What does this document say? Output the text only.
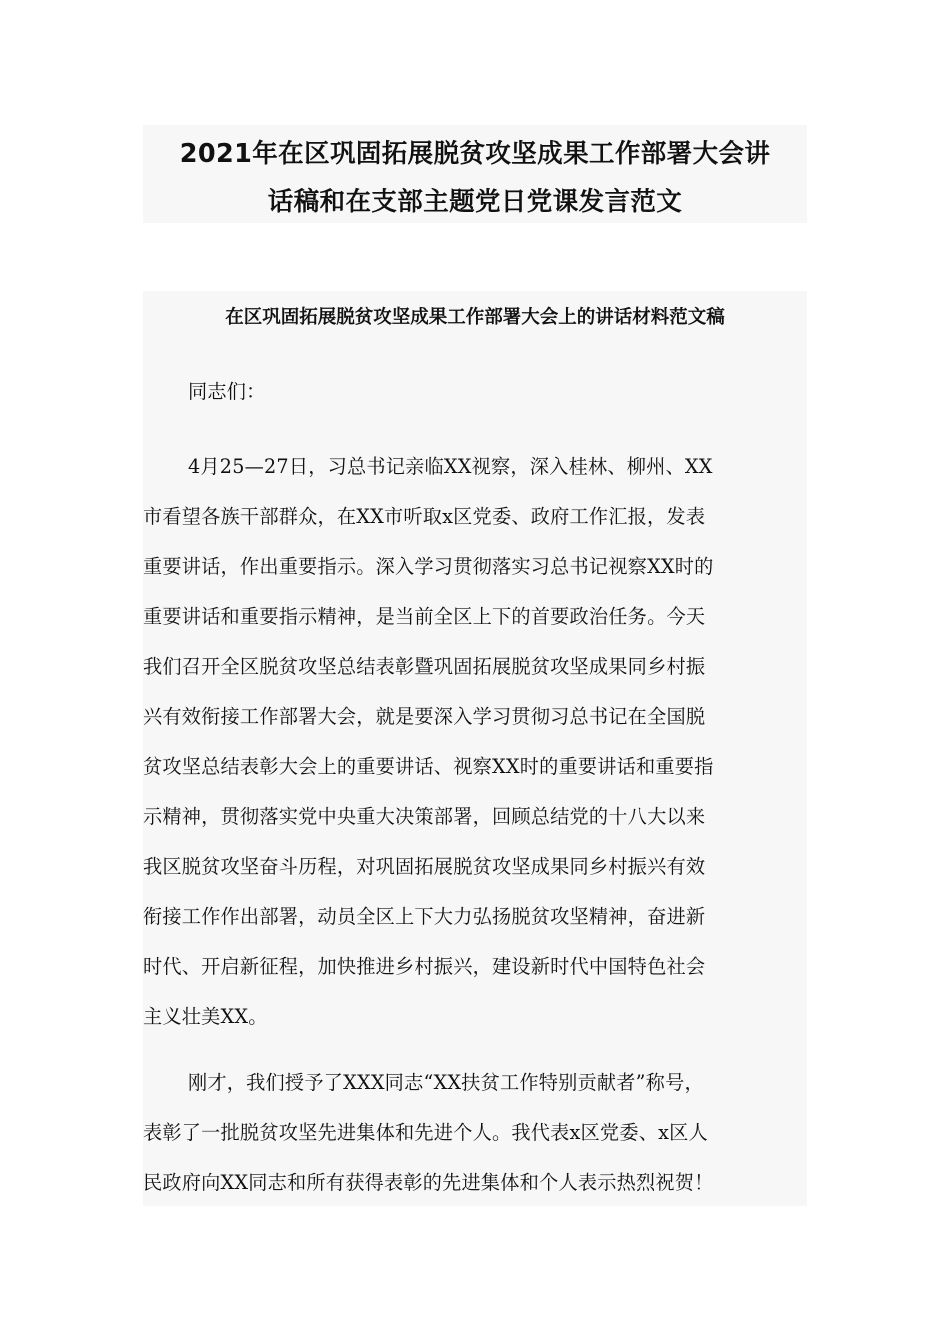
2021年在区巩固拓展脱贫攻坚成果工作部署大会讲
话稿和在支部主题党日党课发言范文
在区巩固拓展脱贫攻坚成果工作部署大会上的讲话材料范文稿
同志们：
4月25—27日，习总书记亲临XX视察，深入桂林、柳州、XX
市看望各族干部群众，在XX市听取x区党委、政府工作汇报，发表
重要讲话，作出重要指示。深入学习贯彻落实习总书记视察XX时的
重要讲话和重要指示精神，是当前全区上下的首要政治任务。今天
我们召开全区脱贫攻坚总结表彰暨巩固拓展脱贫攻坚成果同乡村振
兴有效衔接工作部署大会，就是要深入学习贯彻习总书记在全国脱
贫攻坚总结表彰大会上的重要讲话、视察XX时的重要讲话和重要指
示精神，贯彻落实党中央重大决策部署，回顾总结党的十八大以来
我区脱贫攻坚奋斗历程，对巩固拓展脱贫攻坚成果同乡村振兴有效
衔接工作作出部署，动员全区上下大力弘扬脱贫攻坚精神，奋进新
时代、开启新征程，加快推进乡村振兴，建设新时代中国特色社会
主义壮美XX。
刚才，我们授予了XXX同志“XX扶贫工作特别贡献者”称号，
表彰了一批脱贫攻坚先进集体和先进个人。我代表x区党委、x区人
民政府向XX同志和所有获得表彰的先进集体和个人表示热烈祝贺！
